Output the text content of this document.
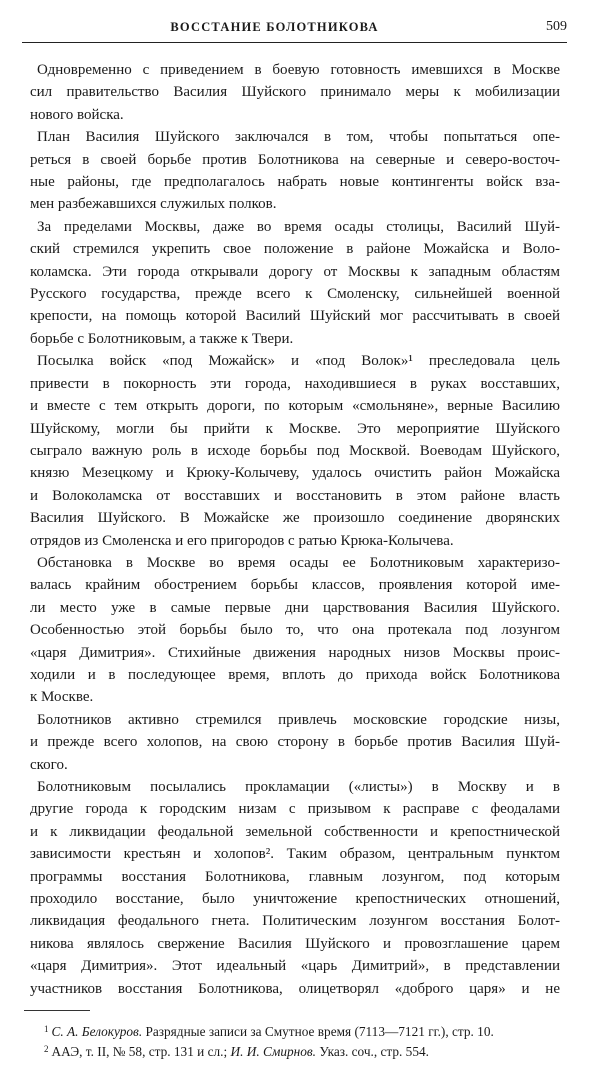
ВОССТАНИЕ БОЛОТНИКОВА	509
Одновременно с приведением в боевую готовность имевшихся в Москве
сил правительство Василия Шуйского принимало меры к мобилизации
нового войска.
План Василия Шуйского заключался в том, чтобы попытаться опе-
реться в своей борьбе против Болотникова на северные и северо-восточ-
ные районы, где предполагалось набрать новые контингенты войск вза-
мен разбежавшихся служилых полков.
За пределами Москвы, даже во время осады столицы, Василий Шуй-
ский стремился укрепить свое положение в районе Можайска и Воло-
коламска. Эти города открывали дорогу от Москвы к западным областям
Русского государства, прежде всего к Смоленску, сильнейшей военной
крепости, на помощь которой Василий Шуйский мог рассчитывать в своей
борьбе с Болотниковым, а также к Твери.
Посылка войск «под Можайск» и «под Волок»¹ преследовала цель
привести в покорность эти города, находившиеся в руках восставших,
и вместе с тем открыть дороги, по которым «смольняне», верные Василию
Шуйскому, могли бы прийти к Москве. Это мероприятие Шуйского
сыграло важную роль в исходе борьбы под Москвой. Воеводам Шуйского,
князю Мезецкому и Крюку-Колычеву, удалось очистить район Можайска
и Волоколамска от восставших и восстановить в этом районе власть
Василия Шуйского. В Можайске же произошло соединение дворянских
отрядов из Смоленска и его пригородов с ратью Крюка-Колычева.
Обстановка в Москве во время осады ее Болотниковым характеризо-
валась крайним обострением борьбы классов, проявления которой име-
ли место уже в самые первые дни царствования Василия Шуйского.
Особенностью этой борьбы было то, что она протекала под лозунгом
«царя Димитрия». Стихийные движения народных низов Москвы проис-
ходили и в последующее время, вплоть до прихода войск Болотникова
к Москве.
Болотников активно стремился привлечь московские городские низы,
и прежде всего холопов, на свою сторону в борьбе против Василия Шуй-
ского.
Болотниковым посылались прокламации («листы») в Москву и в
другие города к городским низам с призывом к расправе с феодалами
и к ликвидации феодальной земельной собственности и крепостнической
зависимости крестьян и холопов². Таким образом, центральным пунктом
программы восстания Болотникова, главным лозунгом, под которым
проходило восстание, было уничтожение крепостнических отношений,
ликвидация феодального гнета. Политическим лозунгом восстания Болот-
никова являлось свержение Василия Шуйского и провозглашение царем
«царя Димитрия». Этот идеальный «царь Димитрий», в представлении
участников восстания Болотникова, олицетворял «доброго царя» и не
$^1$ С. А. Белокуров. Разрядные записи за Смутное время (7113—7121 гг.), стр. 10.
$^2$ ААЭ, т. II, № 58, стр. 131 и сл.; И. И. Смирнов. Указ. соч., стр. 554.
